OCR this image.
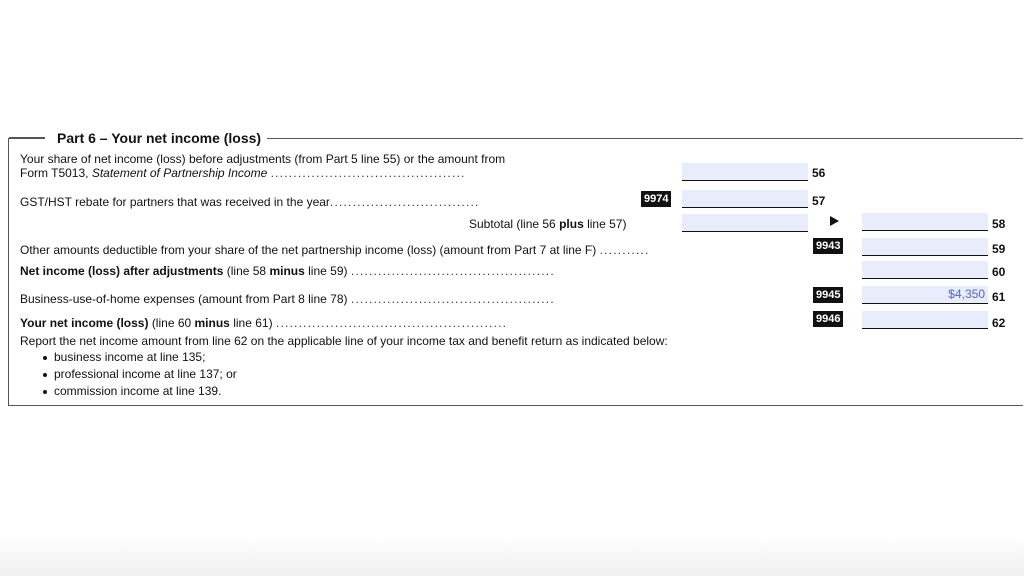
Part 6 – Your net income (loss)
Your share of net income (loss) before adjustments (from Part 5 line 55) or the amount from
Form T5013, Statement of Partnership Income ...........................................	56
GST/HST rebate for partners that was received in the year.................................	9974	57
Subtotal (line 56 plus line 57)	58
Other amounts deductible from your share of the net partnership income (loss) (amount from Part 7 at line F) ...........	9943	59
Net income (loss) after adjustments (line 58 minus line 59) .............................................	60
Business-use-of-home expenses (amount from Part 8 line 78) .............................................	9945	$4,350 61
Your net income (loss) (line 60 minus line 61) ...................................................	9946	62
Report the net income amount from line 62 on the applicable line of your income tax and benefit return as indicated below:
business income at line 135;
professional income at line 137; or
commission income at line 139.
